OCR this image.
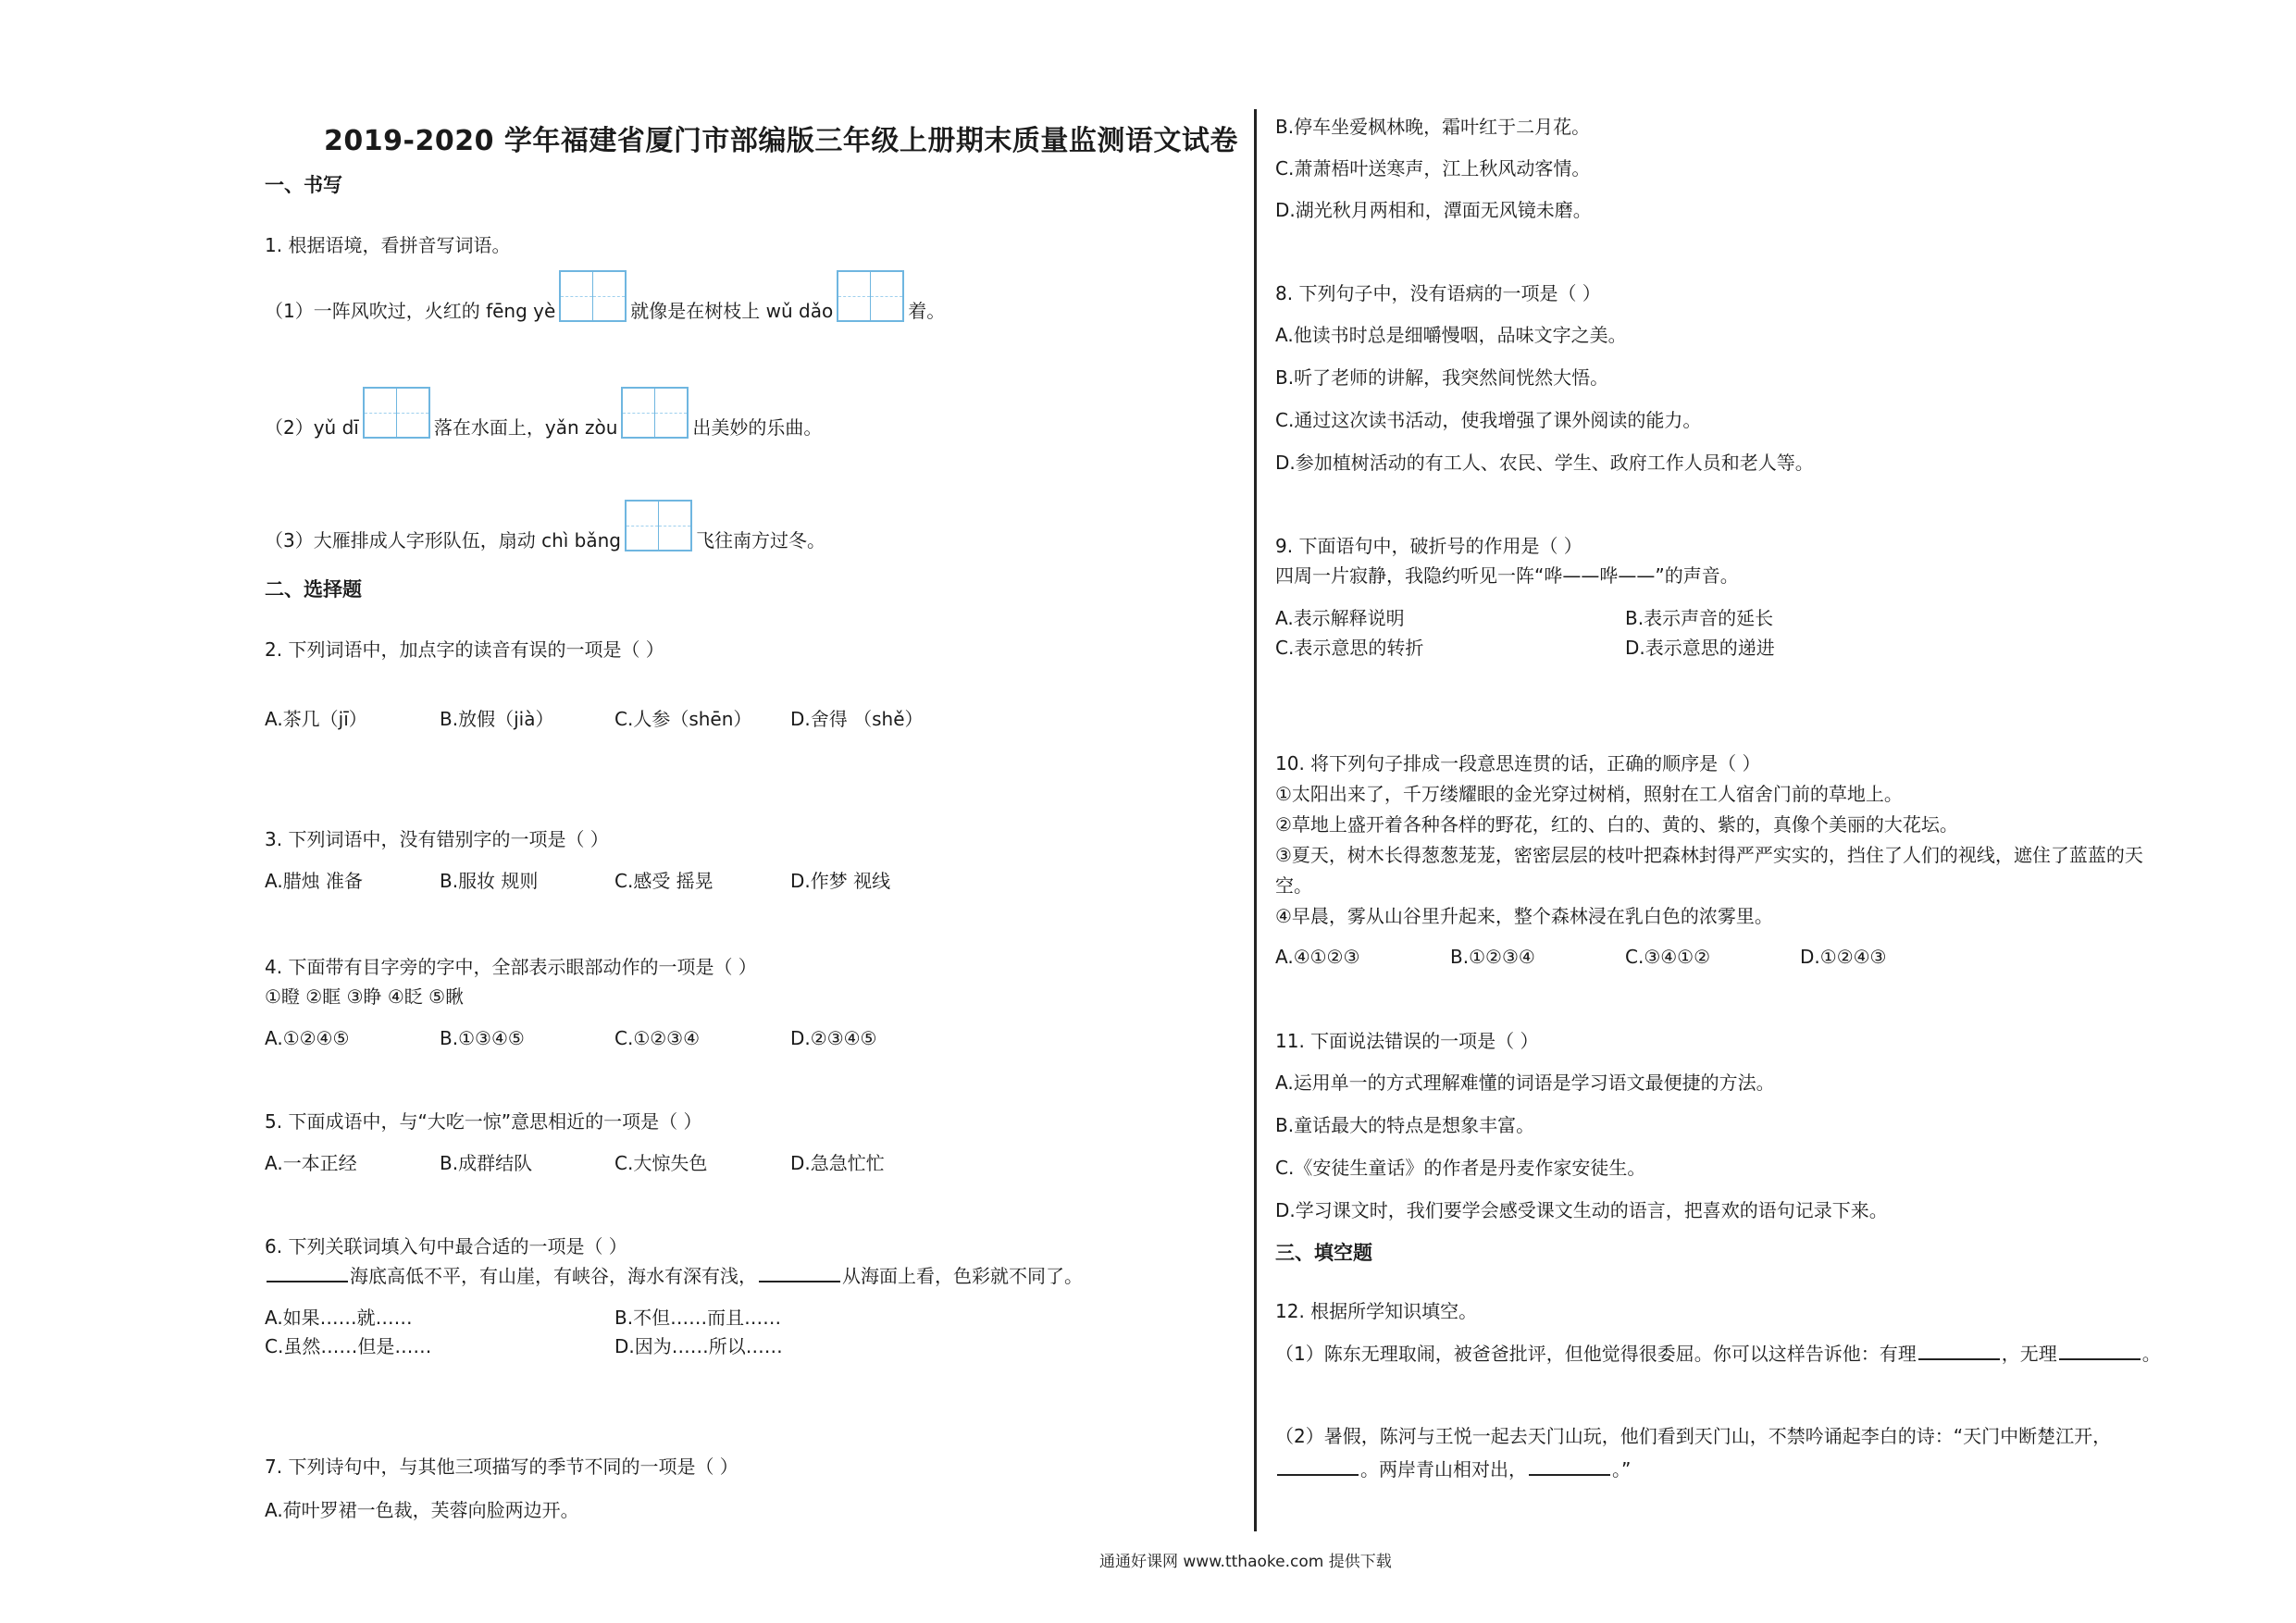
2019-2020 学年福建省厦门市部编版三年级上册期末质量监测语文试卷
一、书写
1. 根据语境，看拼音写词语。
（1）一阵风吹过，火红的 fēng yè	就像是在树枝上 wǔ dǎo	着。
（2）yǔ dī	落在水面上，yǎn zòu	出美妙的乐曲。
（3）大雁排成人字形队伍，扇动 chì bǎng	飞往南方过冬。
二、选择题
2. 下列词语中，加点字的读音有误的一项是（ ）
A.茶几（jī）	B.放假（jià）	C.人参（shēn） D.舍得 （shě）
3. 下列词语中，没有错别字的一项是（ ）
A.腊烛 准备	B.服妆 规则	C.感受 摇晃	D.作梦 视线
4. 下面带有目字旁的字中，全部表示眼部动作的一项是（ ）
①瞪 ②眶 ③睁 ④眨 ⑤瞅
A.①②④⑤	B.①③④⑤	C.①②③④	D.②③④⑤
5. 下面成语中，与“大吃一惊”意思相近的一项是（ ）
A.一本正经	B.成群结队	C.大惊失色	D.急急忙忙
6. 下列关联词填入句中最合适的一项是（ ）
海底高低不平，有山崖，有峡谷，海水有深有浅，	从海面上看，色彩就不同了。
A.如果……就……	B.不但……而且……
C.虽然……但是……	D.因为……所以……
7. 下列诗句中，与其他三项描写的季节不同的一项是（ ）
A.荷叶罗裙一色裁，芙蓉向脸两边开。
B.停车坐爱枫林晚，霜叶红于二月花。
C.萧萧梧叶送寒声，江上秋风动客情。
D.湖光秋月两相和，潭面无风镜未磨。
8. 下列句子中，没有语病的一项是（ ）
A.他读书时总是细嚼慢咽，品味文字之美。
B.听了老师的讲解，我突然间恍然大悟。
C.通过这次读书活动，使我增强了课外阅读的能力。
D.参加植树活动的有工人、农民、学生、政府工作人员和老人等。
9. 下面语句中，破折号的作用是（ ）
四周一片寂静，我隐约听见一阵“哗——哗——”的声音。
A.表示解释说明	B.表示声音的延长
C.表示意思的转折	D.表示意思的递进
10. 将下列句子排成一段意思连贯的话，正确的顺序是（ ）
①太阳出来了，千万缕耀眼的金光穿过树梢，照射在工人宿舍门前的草地上。
②草地上盛开着各种各样的野花，红的、白的、黄的、紫的，真像个美丽的大花坛。
③夏天，树木长得葱葱茏茏，密密层层的枝叶把森林封得严严实实的，挡住了人们的视线，遮住了蓝蓝的天
空。
④早晨，雾从山谷里升起来，整个森林浸在乳白色的浓雾里。
A.④①②③	B.①②③④	C.③④①②	D.①②④③
11. 下面说法错误的一项是（ ）
A.运用单一的方式理解难懂的词语是学习语文最便捷的方法。
B.童话最大的特点是想象丰富。
C.《安徒生童话》的作者是丹麦作家安徒生。
D.学习课文时，我们要学会感受课文生动的语言，把喜欢的语句记录下来。
三、填空题
12. 根据所学知识填空。
（1）陈东无理取闹，被爸爸批评，但他觉得很委屈。你可以这样告诉他：有理	，无理	。
（2）暑假，陈河与王悦一起去天门山玩，他们看到天门山，不禁吟诵起李白的诗：“天门中断楚江开，
。两岸青山相对出，	。”
通通好课网 www.tthaoke.com 提供下载
